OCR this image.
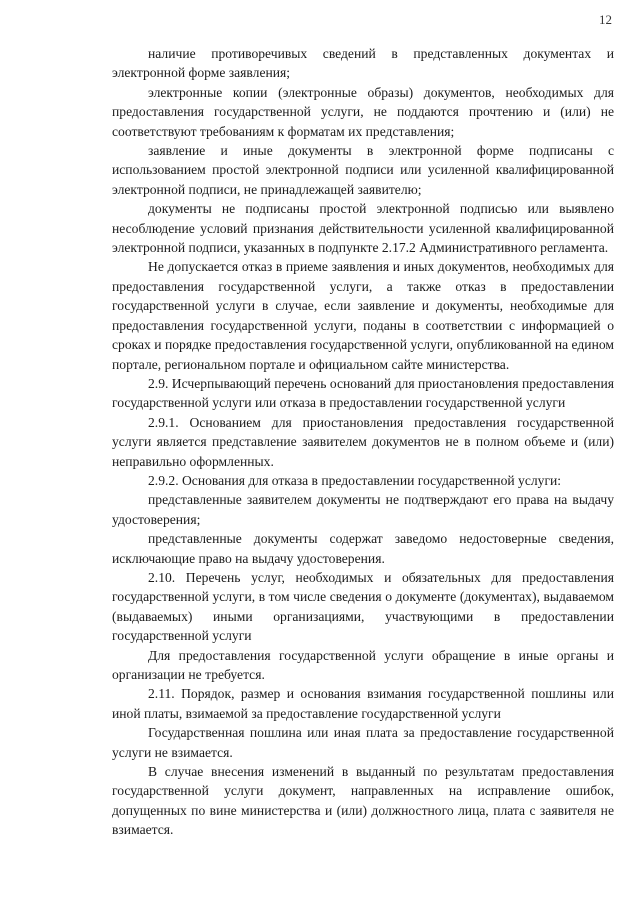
12

наличие противоречивых сведений в представленных документах и электронной форме заявления;

электронные копии (электронные образы) документов, необходимых для предоставления государственной услуги, не поддаются прочтению и (или) не соответствуют требованиям к форматам их представления;

заявление и иные документы в электронной форме подписаны с использованием простой электронной подписи или усиленной квалифицированной электронной подписи, не принадлежащей заявителю;

документы не подписаны простой электронной подписью или выявлено несоблюдение условий признания действительности усиленной квалифицированной электронной подписи, указанных в подпункте 2.17.2 Административного регламента.

Не допускается отказ в приеме заявления и иных документов, необходимых для предоставления государственной услуги, а также отказ в предоставлении государственной услуги в случае, если заявление и документы, необходимые для предоставления государственной услуги, поданы в соответствии с информацией о сроках и порядке предоставления государственной услуги, опубликованной на едином портале, региональном портале и официальном сайте министерства.

2.9. Исчерпывающий перечень оснований для приостановления предоставления государственной услуги или отказа в предоставлении государственной услуги

2.9.1. Основанием для приостановления предоставления государственной услуги является представление заявителем документов не в полном объеме и (или) неправильно оформленных.

2.9.2. Основания для отказа в предоставлении государственной услуги:

представленные заявителем документы не подтверждают его права на выдачу удостоверения;

представленные документы содержат заведомо недостоверные сведения, исключающие право на выдачу удостоверения.

2.10. Перечень услуг, необходимых и обязательных для предоставления государственной услуги, в том числе сведения о документе (документах), выдаваемом (выдаваемых) иными организациями, участвующими в предоставлении государственной услуги

Для предоставления государственной услуги обращение в иные органы и организации не требуется.

2.11. Порядок, размер и основания взимания государственной пошлины или иной платы, взимаемой за предоставление государственной услуги

Государственная пошлина или иная плата за предоставление государственной услуги не взимается.

В случае внесения изменений в выданный по результатам предоставления государственной услуги документ, направленных на исправление ошибок, допущенных по вине министерства и (или) должностного лица, плата с заявителя не взимается.
